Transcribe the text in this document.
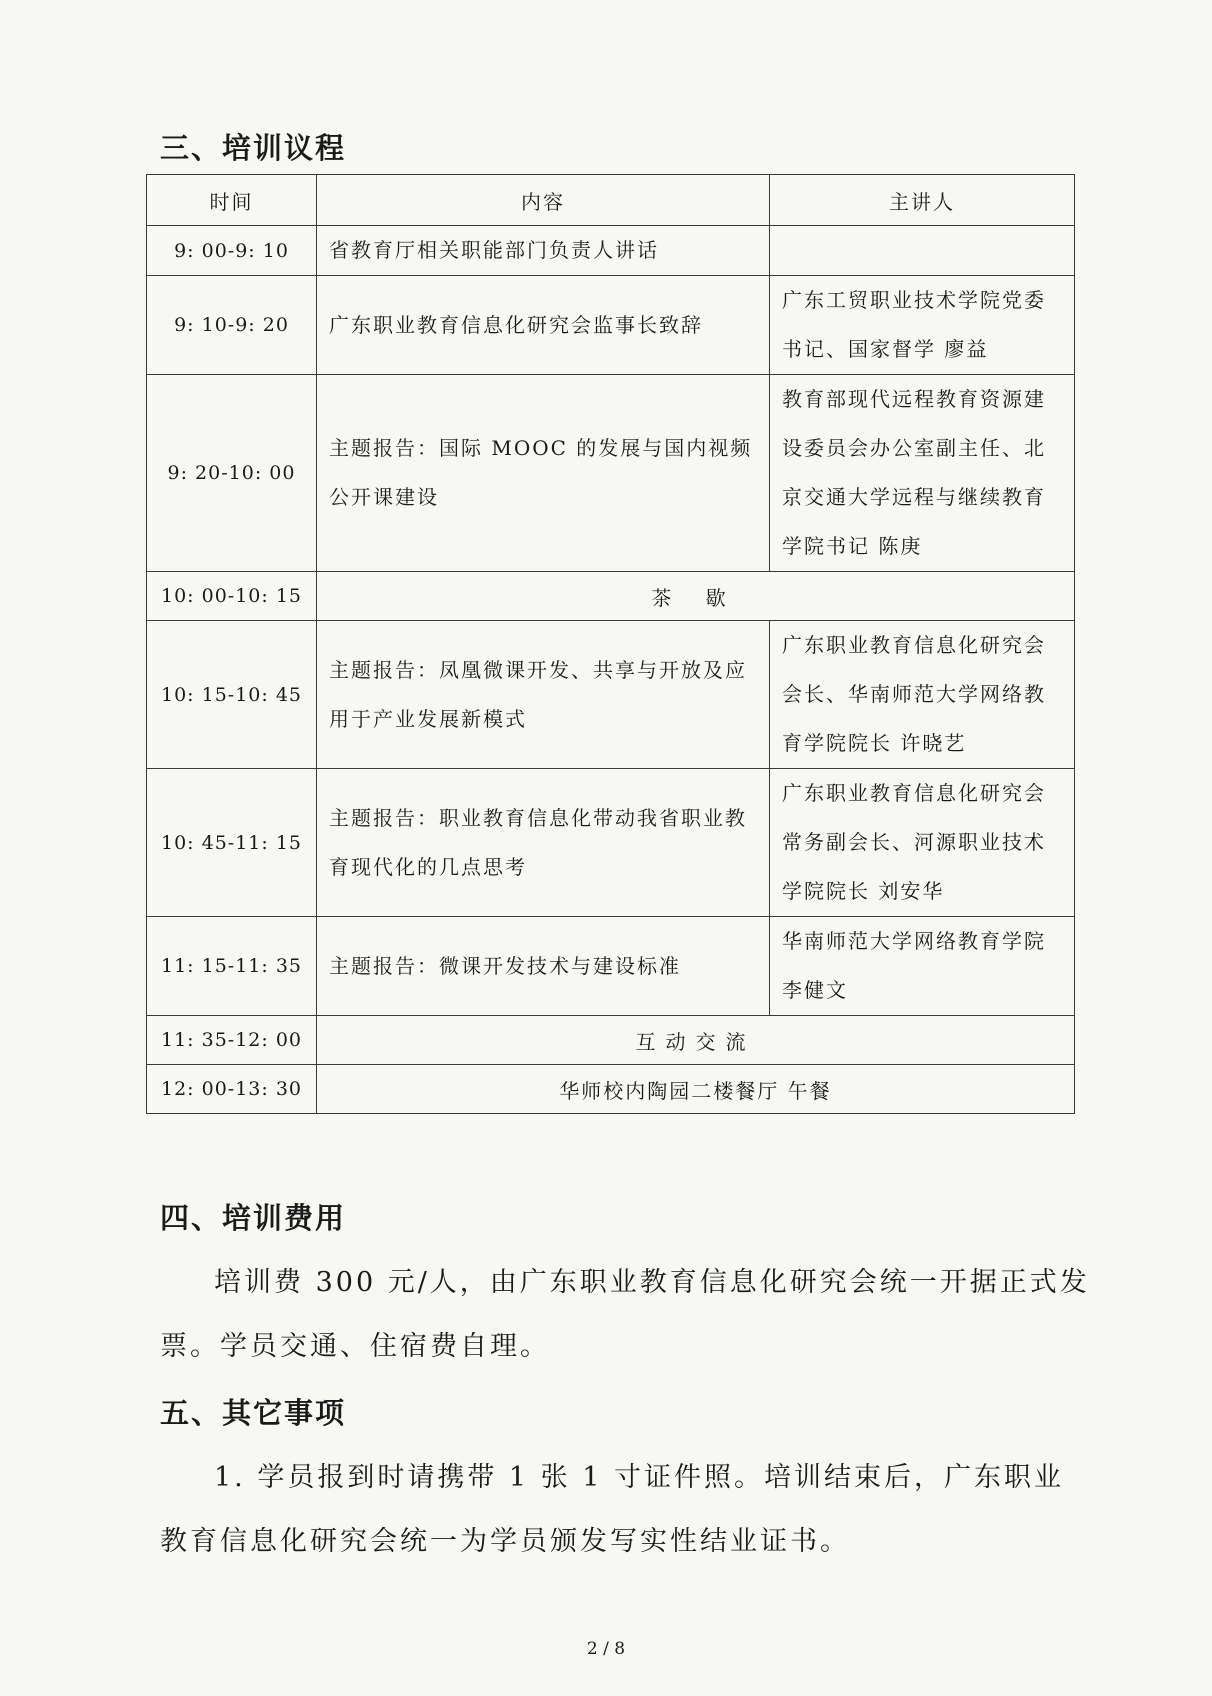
三、培训议程
时间	内容	主讲人
9: 00-9: 10	省教育厅相关职能部门负责人讲话	
9: 10-9: 20	广东职业教育信息化研究会监事长致辞	广东工贸职业技术学院党委书记、国家督学 廖益
9: 20-10: 00	主题报告：国际 MOOC 的发展与国内视频公开课建设	教育部现代远程教育资源建设委员会办公室副主任、北京交通大学远程与继续教育学院书记 陈庚
10: 00-10: 15	茶 歇	
10: 15-10: 45	主题报告：凤凰微课开发、共享与开放及应用于产业发展新模式	广东职业教育信息化研究会会长、华南师范大学网络教育学院院长 许晓艺
10: 45-11: 15	主题报告：职业教育信息化带动我省职业教育现代化的几点思考	广东职业教育信息化研究会常务副会长、河源职业技术学院院长 刘安华
11: 15-11: 35	主题报告：微课开发技术与建设标准	华南师范大学网络教育学院 李健文
11: 35-12: 00	互动交流	
12: 00-13: 30	华师校内陶园二楼餐厅 午餐	
四、培训费用
培训费 300 元/人，由广东职业教育信息化研究会统一开据正式发票。学员交通、住宿费自理。
五、其它事项
1. 学员报到时请携带 1 张 1 寸证件照。培训结束后，广东职业教育信息化研究会统一为学员颁发写实性结业证书。
2 / 8
